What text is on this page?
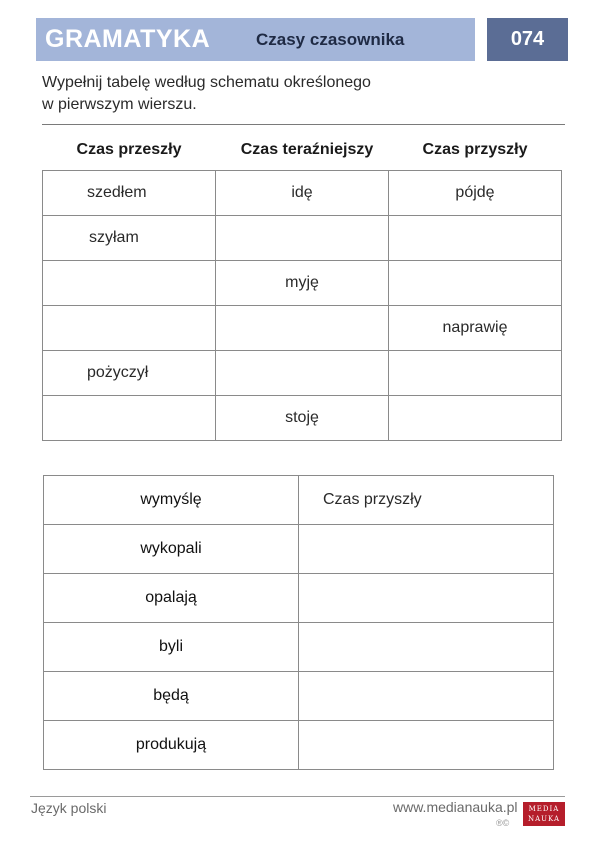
GRAMATYKA	Czasy czasownika	074
Wypełnij tabelę według schematu określonego
w pierwszym wierszu.
Czas przeszły	Czas teraźniejszy	Czas przyszły
szedłem	idę	pójdę
szyłam		
	myję	
		naprawię
pożyczył		
	stoję	
wymyślę	Czas przyszły
wykopali	
opalają	
byli	
będą	
produkują	
Język polski	www.medianauka.pl
®©
MEDIA
NAUKA
